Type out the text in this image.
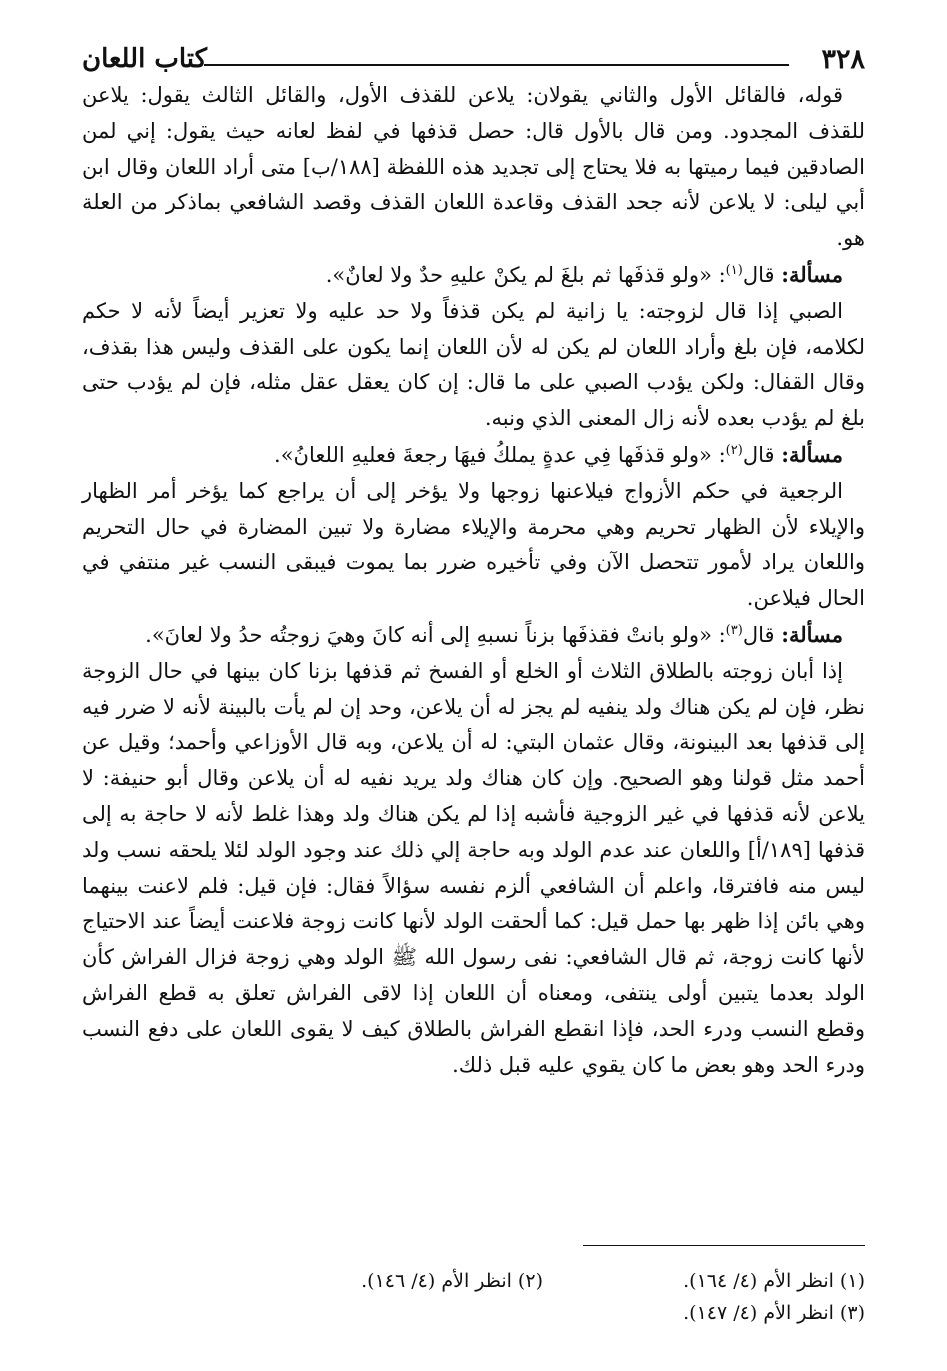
٣٢٨
كتاب اللعان

قوله، فالقائل الأول والثاني يقولان: يلاعن للقذف الأول، والقائل الثالث يقول: يلاعن للقذف المجدود. ومن قال بالأول قال: حصل قذفها في لفظ لعانه حيث يقول: إني لمن الصادقين فيما رميتها به فلا يحتاج إلى تجديد هذه اللفظة [١٨٨/ب] متى أراد اللعان وقال ابن أبي ليلى: لا يلاعن لأنه جحد القذف وقاعدة اللعان القذف وقصد الشافعي بماذكر من العلة هو.

مسألة: قال$^{(١)}$: «ولو قذفَها ثم بلغَ لم يكنْ عليهِ حدٌ ولا لعانٌ».

الصبي إذا قال لزوجته: يا زانية لم يكن قذفاً ولا حد عليه ولا تعزير أيضاً لأنه لا حكم لكلامه، فإن بلغ وأراد اللعان لم يكن له لأن اللعان إنما يكون على القذف وليس هذا بقذف، وقال القفال: ولكن يؤدب الصبي على ما قال: إن كان يعقل عقل مثله، فإن لم يؤدب حتى بلغ لم يؤدب بعده لأنه زال المعنى الذي ونبه.

مسألة: قال$^{(٢)}$: «ولو قذفَها فِي عدةٍ يملكُ فيهَا رجعةَ فعليهِ اللعانُ».

الرجعية في حكم الأزواج فيلاعنها زوجها ولا يؤخر إلى أن يراجع كما يؤخر أمر الظهار والإيلاء لأن الظهار تحريم وهي محرمة والإيلاء مضارة ولا تبين المضارة في حال التحريم واللعان يراد لأمور تتحصل الآن وفي تأخيره ضرر بما يموت فيبقى النسب غير منتفي في الحال فيلاعن.

مسألة: قال$^{(٣)}$: «ولو بانتْ فقذفَها بزناً نسبهِ إلى أنه كانَ وهيَ زوجتُه حدُ ولا لعانَ».

إذا أبان زوجته بالطلاق الثلاث أو الخلع أو الفسخ ثم قذفها بزنا كان بينها في حال الزوجة نظر، فإن لم يكن هناك ولد ينفيه لم يجز له أن يلاعن، وحد إن لم يأت بالبينة لأنه لا ضرر فيه إلى قذفها بعد البينونة، وقال عثمان البتي: له أن يلاعن، وبه قال الأوزاعي وأحمد؛ وقيل عن أحمد مثل قولنا وهو الصحيح. وإن كان هناك ولد يريد نفيه له أن يلاعن وقال أبو حنيفة: لا يلاعن لأنه قذفها في غير الزوجية فأشبه إذا لم يكن هناك ولد وهذا غلط لأنه لا حاجة به إلى قذفها [١٨٩/أ] واللعان عند عدم الولد وبه حاجة إلي ذلك عند وجود الولد لئلا يلحقه نسب ولد ليس منه فافترقا، واعلم أن الشافعي ألزم نفسه سؤالاً فقال: فإن قيل: فلم لاعنت بينهما وهي بائن إذا ظهر بها حمل قيل: كما ألحقت الولد لأنها كانت زوجة فلاعنت أيضاً عند الاحتياج لأنها كانت زوجة، ثم قال الشافعي: نفى رسول الله ﷺ الولد وهي زوجة فزال الفراش كأن الولد بعدما يتبين أولى ينتفى، ومعناه أن اللعان إذا لاقى الفراش تعلق به قطع الفراش وقطع النسب ودرء الحد، فإذا انقطع الفراش بالطلاق كيف لا يقوى اللعان على دفع النسب ودرء الحد وهو بعض ما كان يقوي عليه قبل ذلك.

(١) انظر الأم (٤/ ١٦٤).
(٢) انظر الأم (٤/ ١٤٦).
(٣) انظر الأم (٤/ ١٤٧).
